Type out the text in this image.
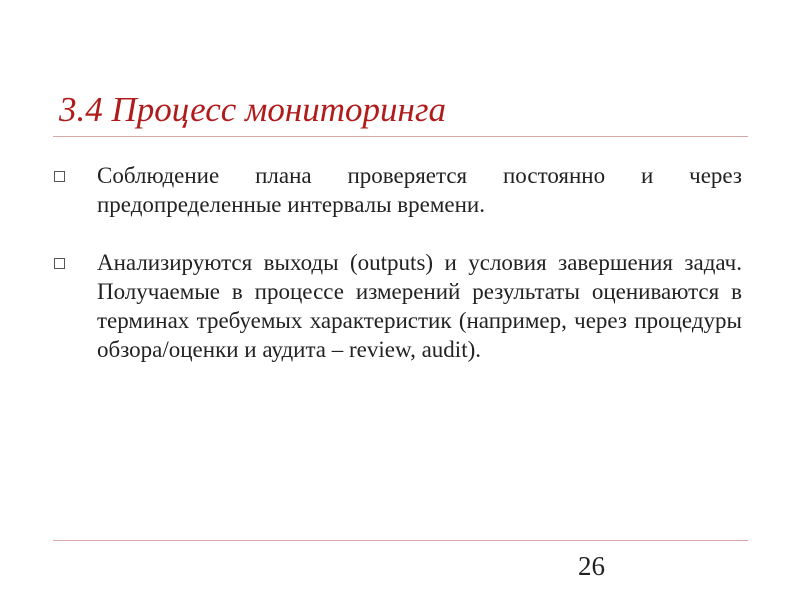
3.4 Процесс мониторинга
Соблюдение плана проверяется постоянно и через предопределенные интервалы времени.
Анализируются выходы (outputs) и условия завершения задач. Получаемые в процессе измерений результаты оцениваются в терминах требуемых характеристик (например, через процедуры обзора/оценки и аудита – review, audit).
26
